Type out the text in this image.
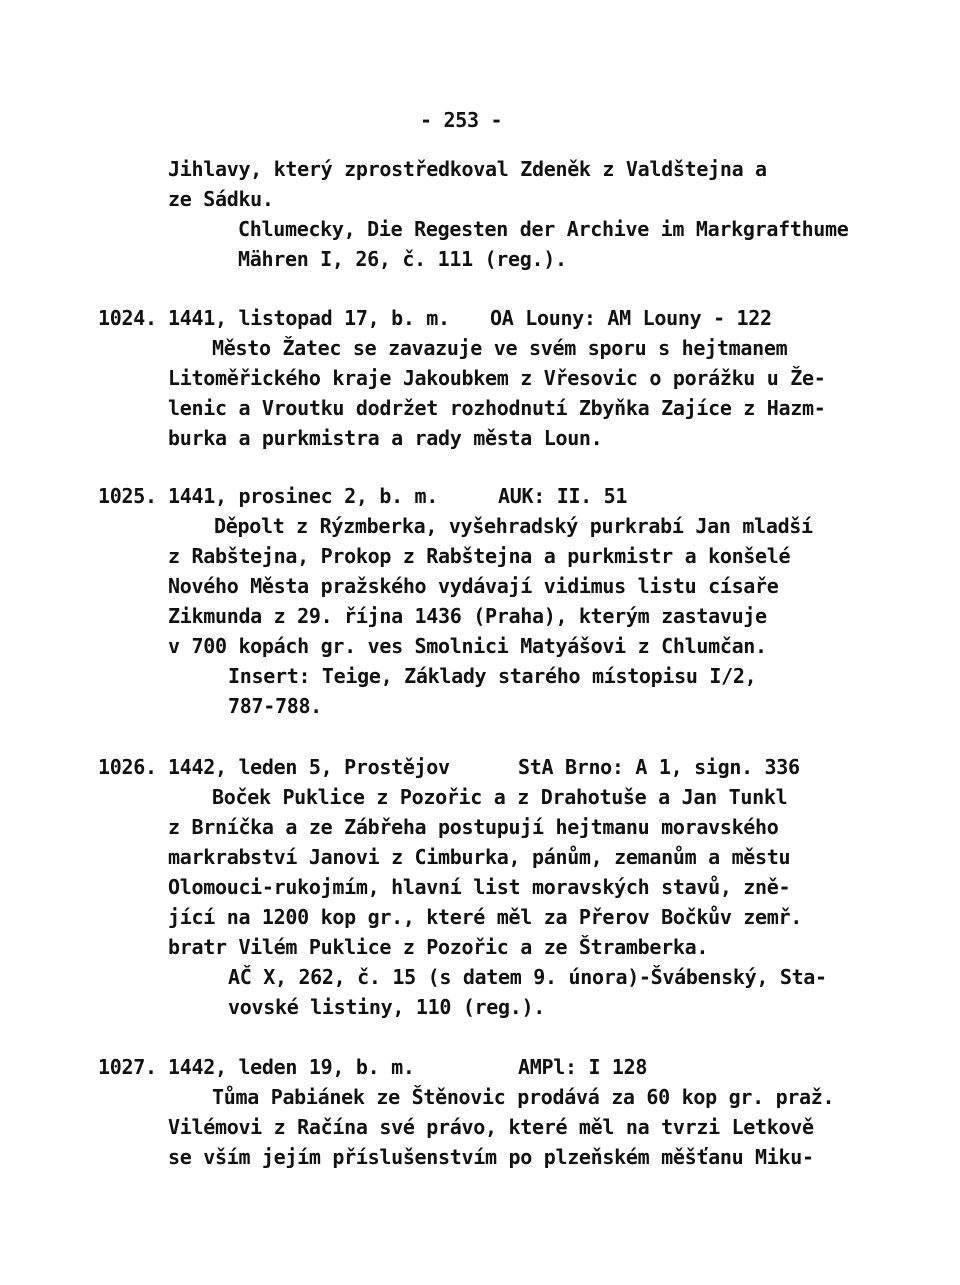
- 253 -
Jihlavy, který zprostředkoval Zdeněk z Valdštejna a
ze Sádku.
Chlumecky, Die Regesten der Archive im Markgrafthume
Mähren I, 26, č. 111 (reg.).
1024. 1441, listopad 17, b. m. OA Louny: AM Louny - 122
Město Žatec se zavazuje ve svém sporu s hejtmanem
Litoměřického kraje Jakoubkem z Vřesovic o porážku u Že-
lenic a Vroutku dodržet rozhodnutí Zbyňka Zajíce z Hazm-
burka a purkmistra a rady města Loun.
1025. 1441, prosinec 2, b. m.	AUK: II. 51
Děpolt z Rýzmberka, vyšehradský purkrabí Jan mladší
z Rabštejna, Prokop z Rabštejna a purkmistr a konšelé
Nového Města pražského vydávají vidimus listu císaře
Zikmunda z 29. října 1436 (Praha), kterým zastavuje
v 700 kopách gr. ves Smolnici Matyášovi z Chlumčan.
Insert: Teige, Základy starého místopisu I/2,
787-788.
1026. 1442, leden 5, Prostějov	StA Brno: A 1, sign. 336
Boček Puklice z Pozořic a z Drahotuše a Jan Tunkl
z Brníčka a ze Zábřeha postupují hejtmanu moravského
markrabství Janovi z Cimburka, pánům, zemanům a městu
Olomouci-rukojmím, hlavní list moravských stavů, zně-
jící na 1200 kop gr., které měl za Přerov Bočkův zemř.
bratr Vilém Puklice z Pozořic a ze Štramberka.
AČ X, 262, č. 15 (s datem 9. února)-Švábenský, Sta-
vovské listiny, 110 (reg.).
1027. 1442, leden 19, b. m.	AMPl: I 128
Tůma Pabiánek ze Štěnovic prodává za 60 kop gr. praž.
Vilémovi z Račína své právo, které měl na tvrzi Letkově
se vším jejím příslušenstvím po plzeňském měšťanu Miku-
